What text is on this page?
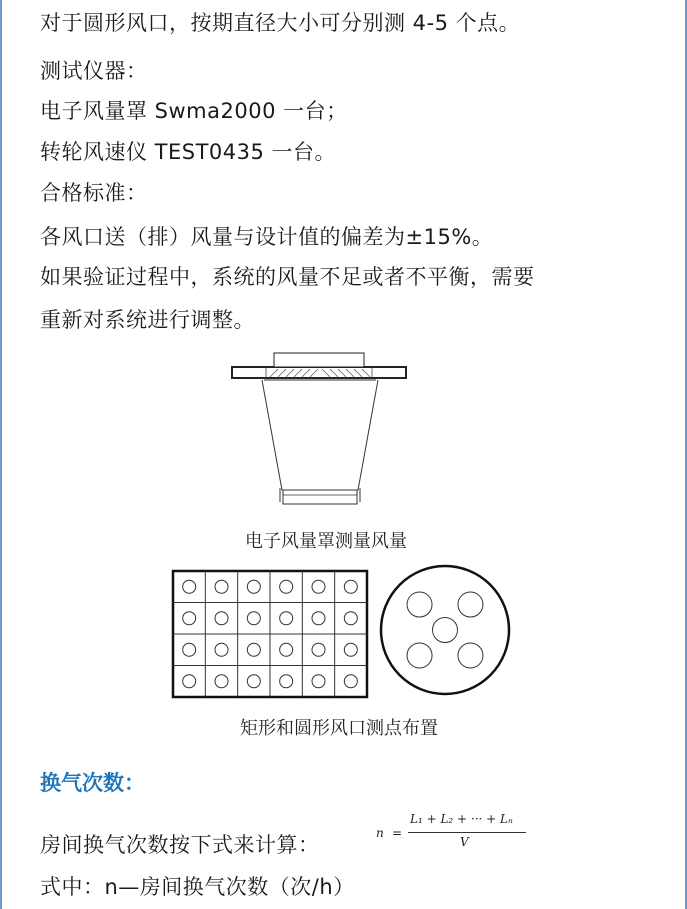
对于圆形风口，按期直径大小可分别测 4-5 个点。
测试仪器：
电子风量罩 Swma2000 一台；
转轮风速仪 TEST0435 一台。
合格标准：
各风口送（排）风量与设计值的偏差为±15%。
如果验证过程中，系统的风量不足或者不平衡，需要
重新对系统进行调整。
电子风量罩测量风量
矩形和圆形风口测点布置
换气次数：
房间换气次数按下式来计算：	n =
L₁ + L₂ + ··· + Lₙ
V
式中：n—房间换气次数（次/h）
